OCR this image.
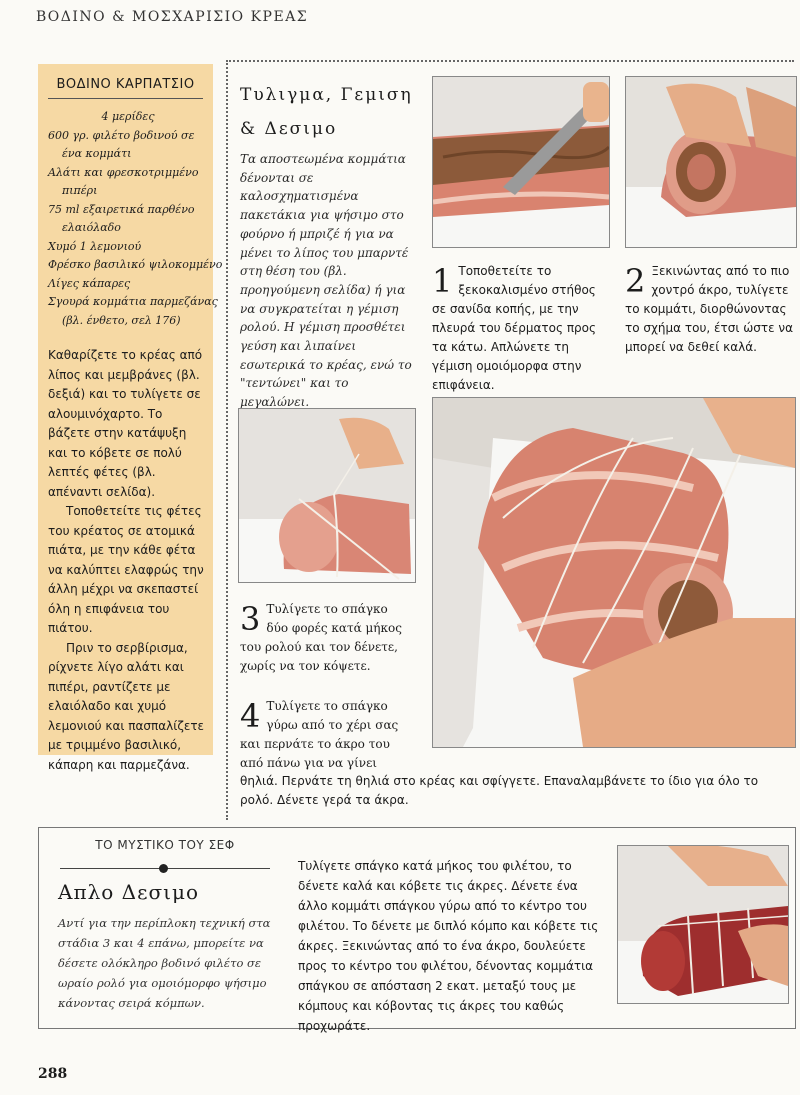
ΒΟΔΙΝΟ & ΜΟΣΧΑΡΙΣΙΟ ΚΡΕΑΣ
ΒΟΔΙΝΟ ΚΑΡΠΑΤΣΙΟ
4 μερίδες
600 γρ. φιλέτο βοδινού σε
ένα κομμάτι
Αλάτι και φρεσκοτριμμένο
πιπέρι
75 ml εξαιρετικά παρθένο
ελαιόλαδο
Χυμό 1 λεμονιού
Φρέσκο βασιλικό ψιλοκομμένο
Λίγες κάπαρες
Σγουρά κομμάτια παρμεζάνας
(βλ. ένθετο, σελ 176)

Καθαρίζετε το κρέας από λίπος και μεμβράνες (βλ. δεξιά) και το τυλίγετε σε αλουμινόχαρτο. Το βάζετε στην κατάψυξη και το κόβετε σε πολύ λεπτές φέτες (βλ. απέναντι σελίδα).

Τοποθετείτε τις φέτες του κρέατος σε ατομικά πιάτα, με την κάθε φέτα να καλύπτει ελαφρώς την άλλη μέχρι να σκεπαστεί όλη η επιφάνεια του πιάτου.

Πριν το σερβίρισμα, ρίχνετε λίγο αλάτι και πιπέρι, ραντίζετε με ελαιόλαδο και χυμό λεμονιού και πασπαλίζετε με τριμμένο βασιλικό, κάπαρη και παρμεζάνα.

Τυλιγμα, Γεμιση
& Δεσιμο
Τα αποστεωμένα κομμάτια δένονται σε καλοσχηματισμένα πακετάκια για ψήσιμο στο φούρνο ή μπριζέ ή για να μένει το λίπος του μπαρντέ στη θέση του (βλ. προηγούμενη σελίδα) ή για να συγκρατείται η γέμιση ρολού. Η γέμιση προσθέτει γεύση και λιπαίνει εσωτερικά το κρέας, ενώ το "τεντώνει" και το μεγαλώνει.
1 Τοποθετείτε το ξεκοκαλισμένο στήθος σε σανίδα κοπής, με την πλευρά του δέρματος προς τα κάτω. Απλώνετε τη γέμιση ομοιόμορφα στην επιφάνεια.
2 Ξεκινώντας από το πιο χοντρό άκρο, τυλίγετε το κομμάτι, διορθώνοντας το σχήμα του, έτσι ώστε να μπορεί να δεθεί καλά.
3 Τυλίγετε το σπάγκο δύο φορές κατά μήκος του ρολού και τον δένετε, χωρίς να τον κόψετε.
4 Τυλίγετε το σπάγκο γύρω από το χέρι σας και περνάτε το άκρο του από πάνω για να γίνει
θηλιά. Περνάτε τη θηλιά στο κρέας και σφίγγετε. Επαναλαμβάνετε το ίδιο για όλο το ρολό. Δένετε γερά τα άκρα.
ΤΟ ΜΥΣΤΙΚΟ ΤΟΥ ΣΕΦ
Απλο Δεσιμο
Αντί για την περίπλοκη τεχνική στα στάδια 3 και 4 επάνω, μπορείτε να δέσετε ολόκληρο βοδινό φιλέτο σε ωραίο ρολό για ομοιόμορφο ψήσιμο κάνοντας σειρά κόμπων.
Τυλίγετε σπάγκο κατά μήκος του φιλέτου, το δένετε καλά και κόβετε τις άκρες. Δένετε ένα άλλο κομμάτι σπάγκου γύρω από το κέντρο του φιλέτου. Το δένετε με διπλό κόμπο και κόβετε τις άκρες. Ξεκινώντας από το ένα άκρο, δουλεύετε προς το κέντρο του φιλέτου, δένοντας κομμάτια σπάγκου σε απόσταση 2 εκατ. μεταξύ τους με κόμπους και κόβοντας τις άκρες του καθώς προχωράτε.
288
